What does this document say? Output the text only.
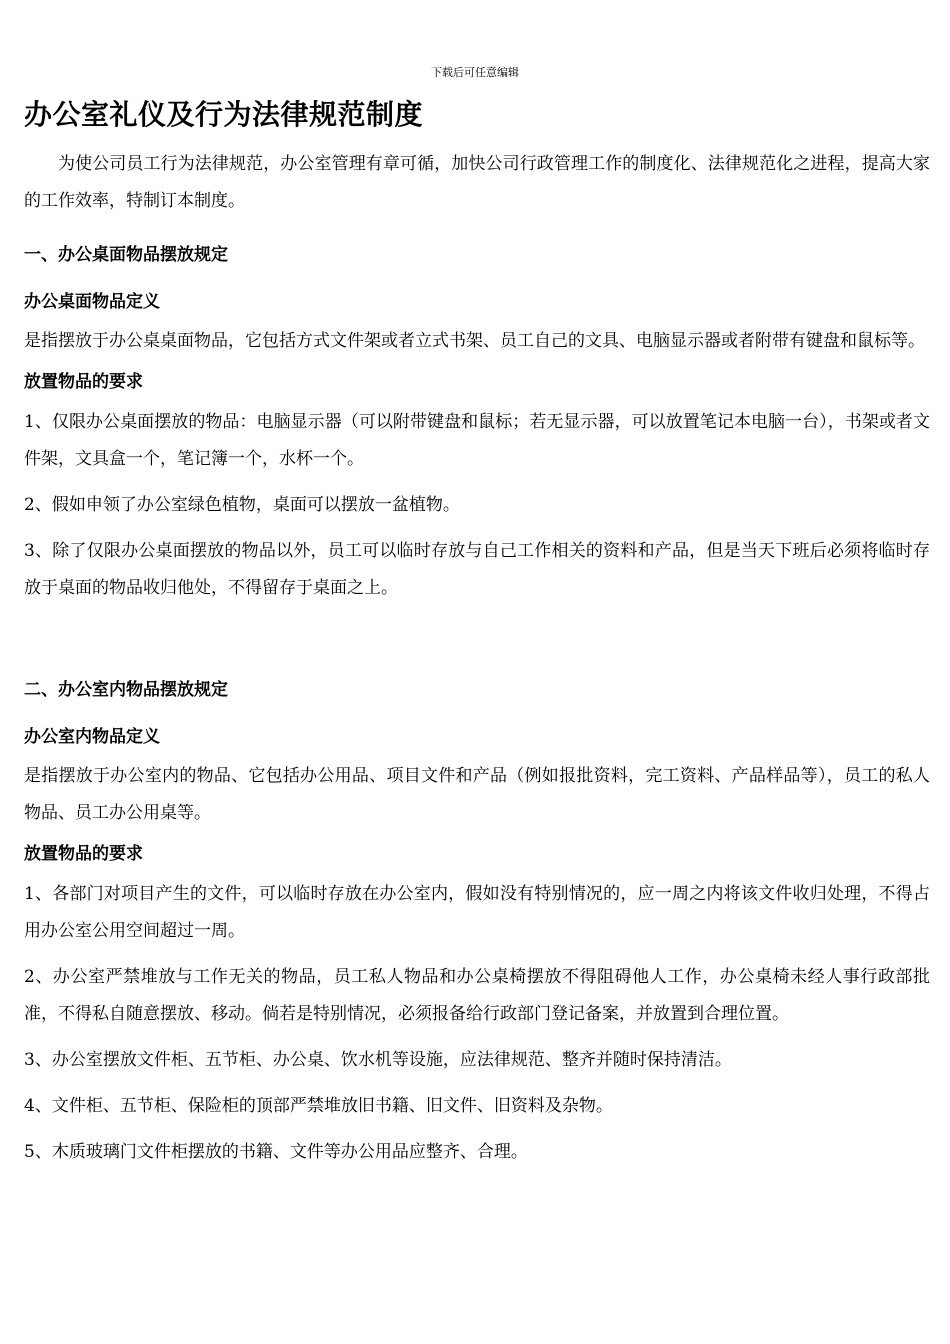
下载后可任意编辑
办公室礼仪及行为法律规范制度

为使公司员工行为法律规范，办公室管理有章可循，加快公司行政管理工作的制度化、法律规范化之进程，提高大家的工作效率，特制订本制度。

一、办公桌面物品摆放规定
办公桌面物品定义

是指摆放于办公桌桌面物品，它包括方式文件架或者立式书架、员工自己的文具、电脑显示器或者附带有键盘和鼠标等。

放置物品的要求

1、仅限办公桌面摆放的物品：电脑显示器（可以附带键盘和鼠标；若无显示器，可以放置笔记本电脑一台），书架或者文件架，文具盒一个，笔记簿一个，水杯一个。

2、假如申领了办公室绿色植物，桌面可以摆放一盆植物。

3、除了仅限办公桌面摆放的物品以外，员工可以临时存放与自己工作相关的资料和产品，但是当天下班后必须将临时存放于桌面的物品收归他处，不得留存于桌面之上。

二、办公室内物品摆放规定
办公室内物品定义

是指摆放于办公室内的物品、它包括办公用品、项目文件和产品（例如报批资料，完工资料、产品样品等），员工的私人物品、员工办公用桌等。

放置物品的要求

1、各部门对项目产生的文件，可以临时存放在办公室内，假如没有特别情况的，应一周之内将该文件收归处理，不得占用办公室公用空间超过一周。

2、办公室严禁堆放与工作无关的物品，员工私人物品和办公桌椅摆放不得阻碍他人工作，办公桌椅未经人事行政部批准，不得私自随意摆放、移动。倘若是特别情况，必须报备给行政部门登记备案，并放置到合理位置。

3、办公室摆放文件柜、五节柜、办公桌、饮水机等设施，应法律规范、整齐并随时保持清洁。

4、文件柜、五节柜、保险柜的顶部严禁堆放旧书籍、旧文件、旧资料及杂物。

5、木质玻璃门文件柜摆放的书籍、文件等办公用品应整齐、合理。
